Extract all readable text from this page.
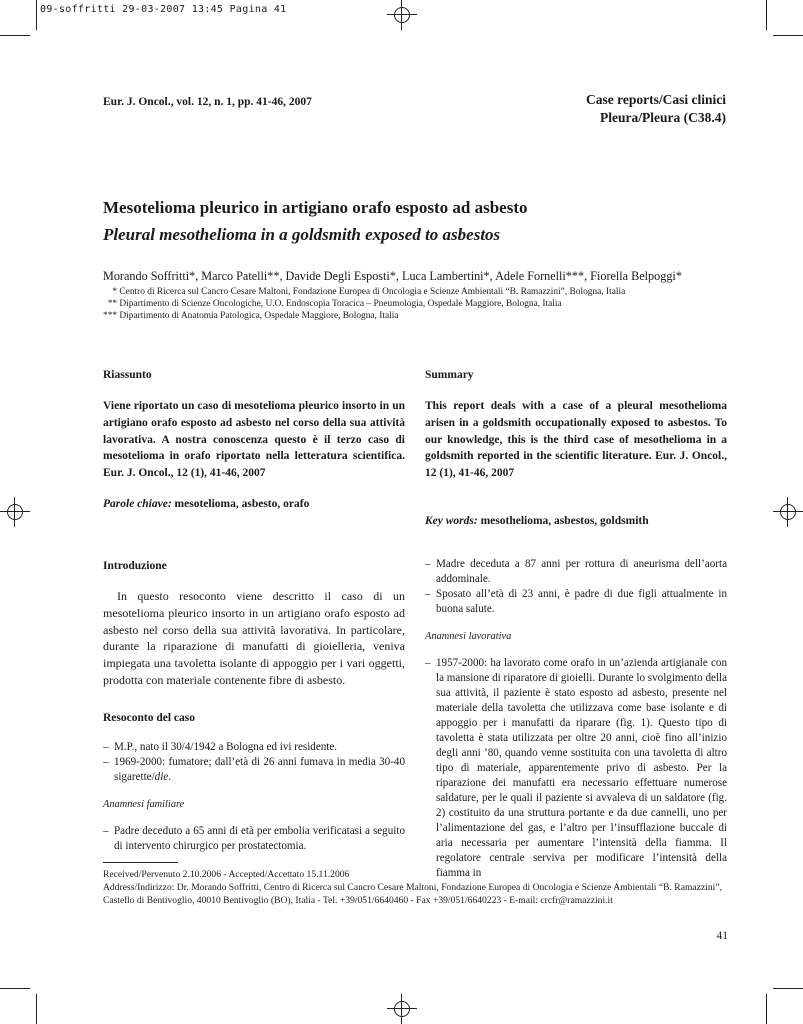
09-soffritti 29-03-2007 13:45 Pagina 41
Eur. J. Oncol., vol. 12, n. 1, pp. 41-46, 2007	Case reports/Casi clinici
Pleura/Pleura (C38.4)
Mesotelioma pleurico in artigiano orafo esposto ad asbesto
Pleural mesothelioma in a goldsmith exposed to asbestos
Morando Soffritti*, Marco Patelli**, Davide Degli Esposti*, Luca Lambertini*, Adele Fornelli***, Fiorella Belpoggi*
* Centro di Ricerca sul Cancro Cesare Maltoni, Fondazione Europea di Oncologia e Scienze Ambientali “B. Ramazzini”, Bologna, Italia
** Dipartimento di Scienze Oncologiche, U.O. Endoscopia Toracica – Pneumologia, Ospedale Maggiore, Bologna, Italia
*** Dipartimento di Anatomia Patologica, Ospedale Maggiore, Bologna, Italia
Riassunto

Viene riportato un caso di mesotelioma pleurico insorto in un artigiano orafo esposto ad asbesto nel corso della sua attività lavorativa. A nostra conoscenza questo è il terzo caso di mesotelioma in orafo riportato nella letteratura scientifica. Eur. J. Oncol., 12 (1), 41-46, 2007

Parole chiave: mesotelioma, asbesto, orafo

Summary

This report deals with a case of a pleural mesothelioma arisen in a goldsmith occupationally exposed to asbestos. To our knowledge, this is the third case of mesothelioma in a goldsmith reported in the scientific literature. Eur. J. Oncol., 12 (1), 41-46, 2007

Key words: mesothelioma, asbestos, goldsmith

Introduzione

In questo resoconto viene descritto il caso di un mesotelioma pleurico insorto in un artigiano orafo esposto ad asbesto nel corso della sua attività lavorativa. In particolare, durante la riparazione di manufatti di gioielleria, veniva impiegata una tavoletta isolante di appoggio per i vari oggetti, prodotta con materiale contenente fibre di asbesto.

Resoconto del caso

– M.P., nato il 30/4/1942 a Bologna ed ivi residente.

– 1969-2000: fumatore; dall’età di 26 anni fumava in media 30-40 sigarette/die.

Anamnesi familiare

– Padre deceduto a 65 anni di età per embolia verificatasi a seguito di intervento chirurgico per prostatectomia.

– Madre deceduta a 87 anni per rottura di aneurisma dell’aorta addominale.

– Sposato all’età di 23 anni, è padre di due figli attualmente in buona salute.

Anamnesi lavorativa

– 1957-2000: ha lavorato come orafo in un’azienda artigianale con la mansione di riparatore di gioielli. Durante lo svolgimento della sua attività, il paziente è stato esposto ad asbesto, presente nel materiale della tavoletta che utilizzava come base isolante e di appoggio per i manufatti da riparare (fig. 1). Questo tipo di tavoletta è stata utilizzata per oltre 20 anni, cioè fino all’inizio degli anni ’80, quando venne sostituita con una tavoletta di altro tipo di materiale, apparentemente privo di asbesto. Per la riparazione dei manufatti era necessario effettuare numerose saldature, per le quali il paziente si avvaleva di un saldatore (fig. 2) costituito da una struttura portante e da due cannelli, uno per l’alimentazione del gas, e l’altro per l’insufflazione buccale di aria necessaria per aumentare l’intensità della fiamma. Il regolatore centrale serviva per modificare l’intensità della fiamma in

Received/Pervenuto 2.10.2006 - Accepted/Accettato 15.11.2006
Address/Indirizzo: Dr. Morando Soffritti, Centro di Ricerca sul Cancro Cesare Maltoni, Fondazione Europea di Oncologia e Scienze Ambientali “B. Ramazzini”, Castello di Bentivoglio, 40010 Bentivoglio (BO), Italia - Tel. +39/051/6640460 - Fax +39/051/6640223 - E-mail: crcfr@ramazzini.it
41
